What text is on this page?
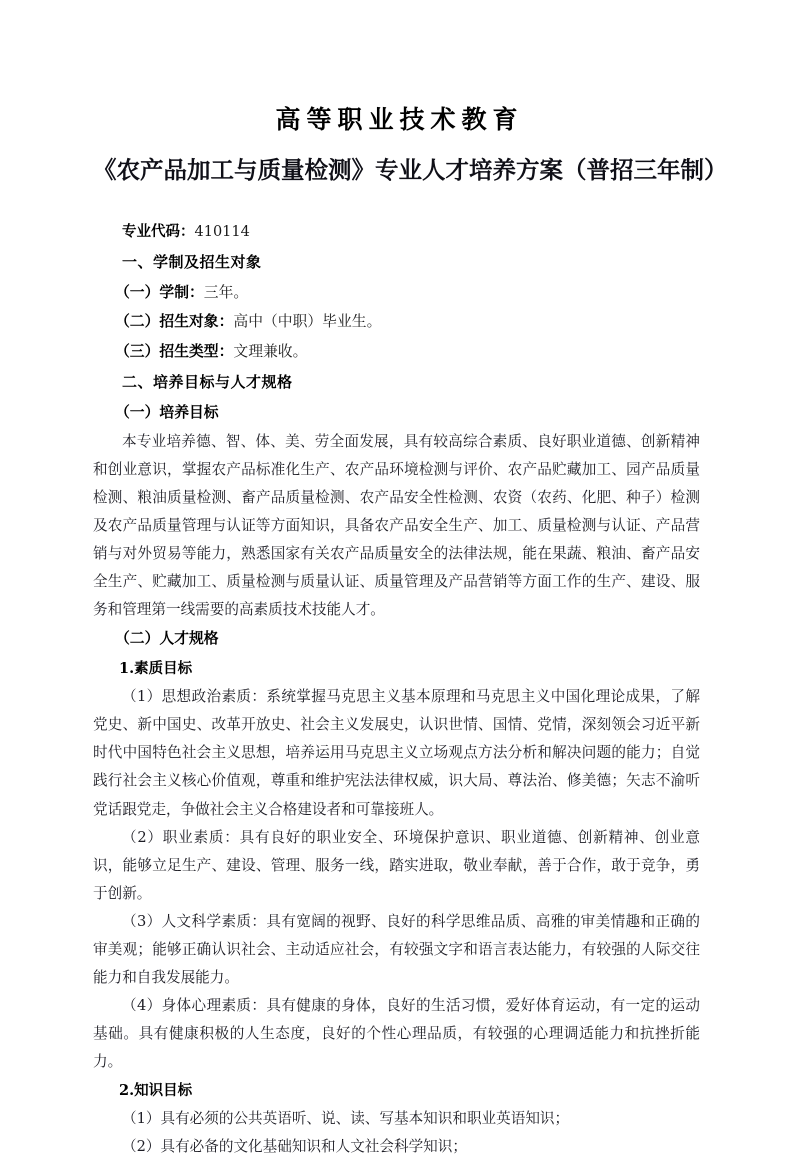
高等职业技术教育
《农产品加工与质量检测》专业人才培养方案（普招三年制）

专业代码：410114

一、学制及招生对象

（一）学制：三年。

（二）招生对象：高中（中职）毕业生。

（三）招生类型：文理兼收。

二、培养目标与人才规格

（一）培养目标

本专业培养德、智、体、美、劳全面发展，具有较高综合素质、良好职业道德、创新精神和创业意识，掌握农产品标准化生产、农产品环境检测与评价、农产品贮藏加工、园产品质量检测、粮油质量检测、畜产品质量检测、农产品安全性检测、农资（农药、化肥、种子）检测及农产品质量管理与认证等方面知识，具备农产品安全生产、加工、质量检测与认证、产品营销与对外贸易等能力，熟悉国家有关农产品质量安全的法律法规，能在果蔬、粮油、畜产品安全生产、贮藏加工、质量检测与质量认证、质量管理及产品营销等方面工作的生产、建设、服务和管理第一线需要的高素质技术技能人才。

（二）人才规格

1.素质目标

（1）思想政治素质：系统掌握马克思主义基本原理和马克思主义中国化理论成果，了解党史、新中国史、改革开放史、社会主义发展史，认识世情、国情、党情，深刻领会习近平新时代中国特色社会主义思想，培养运用马克思主义立场观点方法分析和解决问题的能力；自觉践行社会主义核心价值观，尊重和维护宪法法律权威，识大局、尊法治、修美德；矢志不渝听党话跟党走，争做社会主义合格建设者和可靠接班人。

（2）职业素质：具有良好的职业安全、环境保护意识、职业道德、创新精神、创业意识，能够立足生产、建设、管理、服务一线，踏实进取，敬业奉献，善于合作，敢于竞争，勇于创新。

（3）人文科学素质：具有宽阔的视野、良好的科学思维品质、高雅的审美情趣和正确的审美观；能够正确认识社会、主动适应社会，有较强文字和语言表达能力，有较强的人际交往能力和自我发展能力。

（4）身体心理素质：具有健康的身体，良好的生活习惯，爱好体育运动，有一定的运动基础。具有健康积极的人生态度，良好的个性心理品质，有较强的心理调适能力和抗挫折能力。

2.知识目标

（1）具有必须的公共英语听、说、读、写基本知识和职业英语知识；

（2）具有必备的文化基础知识和人文社会科学知识；
